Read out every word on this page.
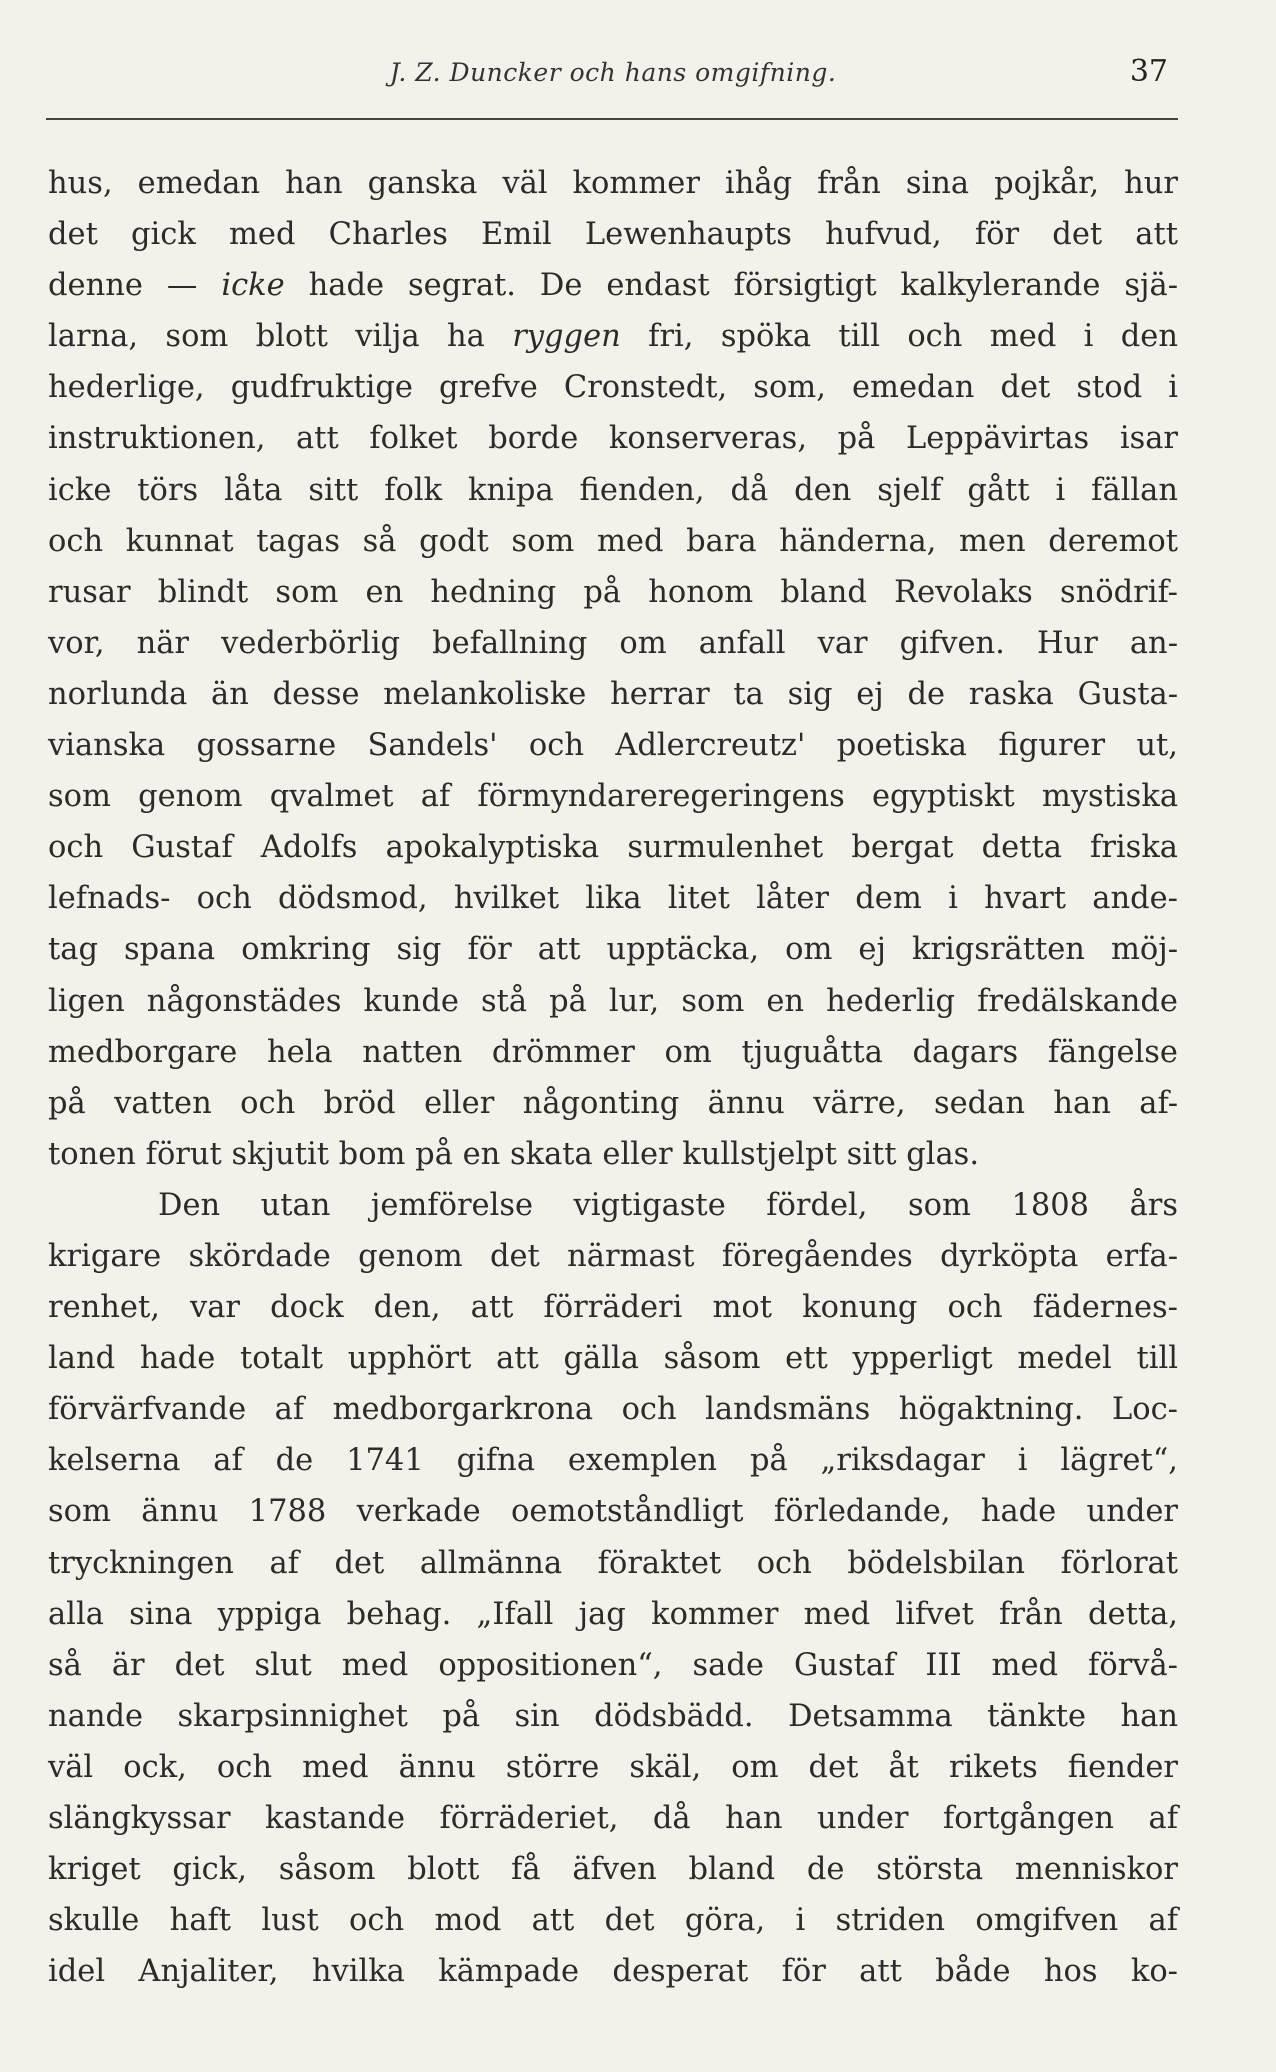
J. Z. Duncker och hans omgifning.	37
hus, emedan han ganska väl kommer ihåg från sina pojkår, hur
det gick med Charles Emil Lewenhaupts hufvud, för det att
denne — icke hade segrat. De endast försigtigt kalkylerande sjä-
larna, som blott vilja ha ryggen fri, spöka till och med i den
hederlige, gudfruktige grefve Cronstedt, som, emedan det stod i
instruktionen, att folket borde konserveras, på Leppävirtas isar
icke törs låta sitt folk knipa fienden, då den sjelf gått i fällan
och kunnat tagas så godt som med bara händerna, men deremot
rusar blindt som en hedning på honom bland Revolaks snödrif-
vor, när vederbörlig befallning om anfall var gifven. Hur an-
norlunda än desse melankoliske herrar ta sig ej de raska Gusta-
vianska gossarne Sandels' och Adlercreutz' poetiska figurer ut,
som genom qvalmet af förmyndareregeringens egyptiskt mystiska
och Gustaf Adolfs apokalyptiska surmulenhet bergat detta friska
lefnads- och dödsmod, hvilket lika litet låter dem i hvart ande-
tag spana omkring sig för att upptäcka, om ej krigsrätten möj-
ligen någonstädes kunde stå på lur, som en hederlig fredälskande
medborgare hela natten drömmer om tjuguåtta dagars fängelse
på vatten och bröd eller någonting ännu värre, sedan han af-
tonen förut skjutit bom på en skata eller kullstjelpt sitt glas.
Den utan jemförelse vigtigaste fördel, som 1808 års
krigare skördade genom det närmast föregåendes dyrköpta erfa-
renhet, var dock den, att förräderi mot konung och fädernes-
land hade totalt upphört att gälla såsom ett ypperligt medel till
förvärfvande af medborgarkrona och landsmäns högaktning. Loc-
kelserna af de 1741 gifna exemplen på „riksdagar i lägret“,
som ännu 1788 verkade oemotståndligt förledande, hade under
tryckningen af det allmänna föraktet och bödelsbilan förlorat
alla sina yppiga behag. „Ifall jag kommer med lifvet från detta,
så är det slut med oppositionen“, sade Gustaf III med förvå-
nande skarpsinnighet på sin dödsbädd. Detsamma tänkte han
väl ock, och med ännu större skäl, om det åt rikets fiender
slängkyssar kastande förräderiet, då han under fortgången af
kriget gick, såsom blott få äfven bland de största menniskor
skulle haft lust och mod att det göra, i striden omgifven af
idel Anjaliter, hvilka kämpade desperat för att både hos ko-
